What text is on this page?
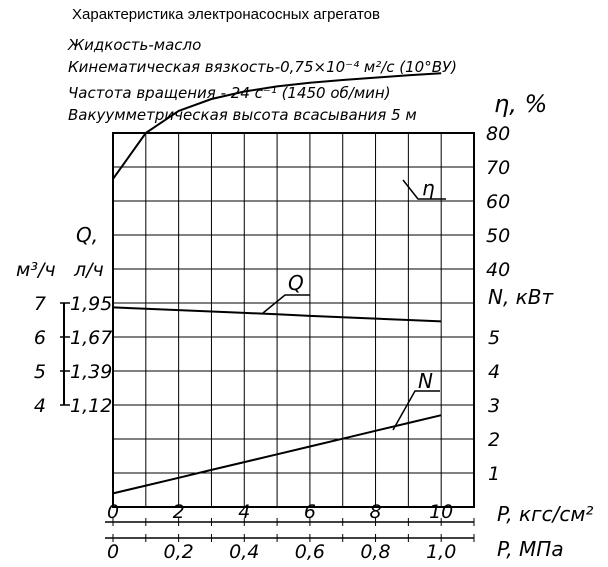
Характеристика электронасосных агрегатов
Жидкость-масло
Кинематическая вязкость-0,75×10⁻⁴ м²/с (10°ВУ)
Частота вращения - 24 с⁻¹ (1450 об/мин)
Вакуумметрическая высота всасывания 5 м
0	2	4	6	8 10
0 0,2 0,4 0,6 0,8 1,0
P, кгс/см²
P, МПа
η, %
40
50
60
70
80
N, кВт
1
2
3
4
5
Q,
м³/ч л/ч
7 1,95
6 1,67
5 1,39
4 1,12
η
Q
N
